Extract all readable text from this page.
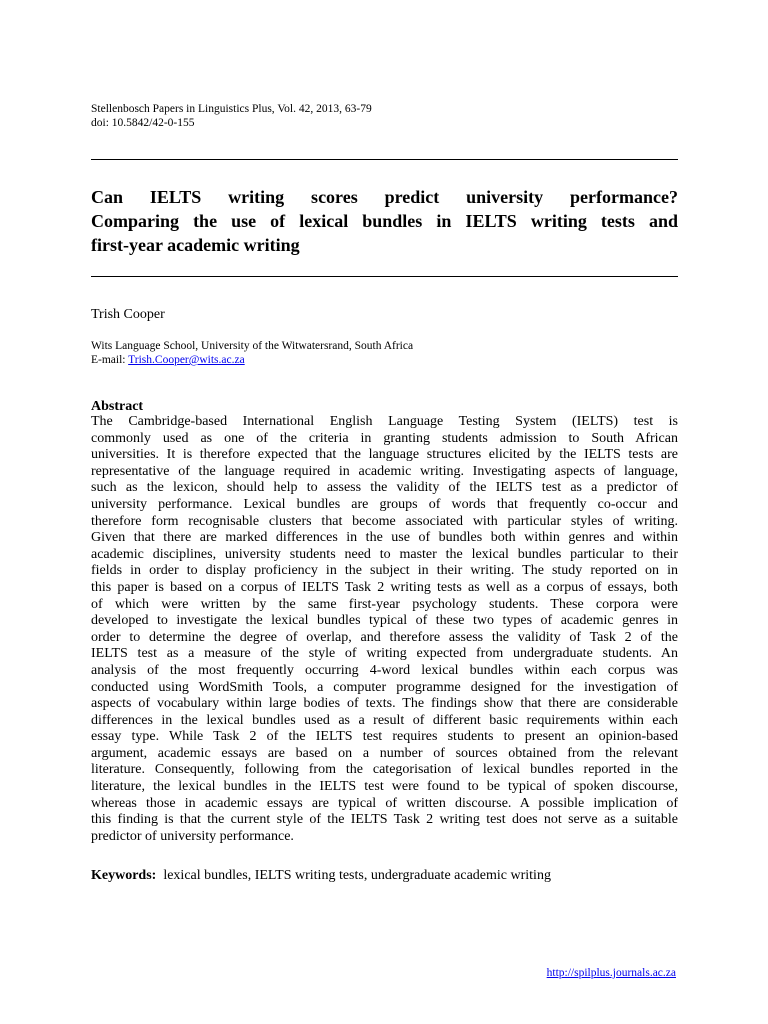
Stellenbosch Papers in Linguistics Plus, Vol. 42, 2013, 63-79
doi: 10.5842/42-0-155
Can IELTS writing scores predict university performance?
Comparing the use of lexical bundles in IELTS writing tests and
first-year academic writing
Trish Cooper
Wits Language School, University of the Witwatersrand, South Africa
E-mail: Trish.Cooper@wits.ac.za
Abstract
The Cambridge-based International English Language Testing System (IELTS) test is
commonly used as one of the criteria in granting students admission to South African
universities. It is therefore expected that the language structures elicited by the IELTS tests are
representative of the language required in academic writing. Investigating aspects of language,
such as the lexicon, should help to assess the validity of the IELTS test as a predictor of
university performance. Lexical bundles are groups of words that frequently co-occur and
therefore form recognisable clusters that become associated with particular styles of writing.
Given that there are marked differences in the use of bundles both within genres and within
academic disciplines, university students need to master the lexical bundles particular to their
fields in order to display proficiency in the subject in their writing. The study reported on in
this paper is based on a corpus of IELTS Task 2 writing tests as well as a corpus of essays, both
of which were written by the same first-year psychology students. These corpora were
developed to investigate the lexical bundles typical of these two types of academic genres in
order to determine the degree of overlap, and therefore assess the validity of Task 2 of the
IELTS test as a measure of the style of writing expected from undergraduate students. An
analysis of the most frequently occurring 4-word lexical bundles within each corpus was
conducted using WordSmith Tools, a computer programme designed for the investigation of
aspects of vocabulary within large bodies of texts. The findings show that there are considerable
differences in the lexical bundles used as a result of different basic requirements within each
essay type. While Task 2 of the IELTS test requires students to present an opinion-based
argument, academic essays are based on a number of sources obtained from the relevant
literature. Consequently, following from the categorisation of lexical bundles reported in the
literature, the lexical bundles in the IELTS test were found to be typical of spoken discourse,
whereas those in academic essays are typical of written discourse. A possible implication of
this finding is that the current style of the IELTS Task 2 writing test does not serve as a suitable
predictor of university performance.
Keywords: lexical bundles, IELTS writing tests, undergraduate academic writing
http://spilplus.journals.ac.za
